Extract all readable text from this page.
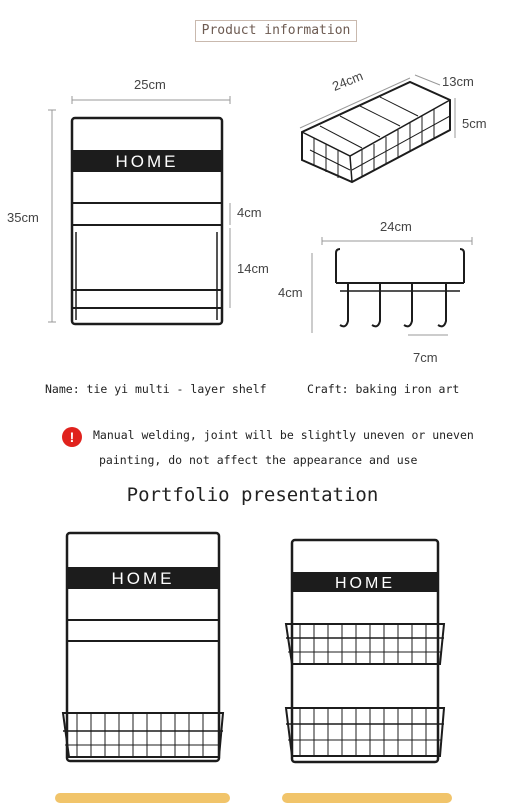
Product information
HOME
25cm
35cm	4cm
14cm
24cm	13cm
5cm
24cm
4cm
7cm
Name: tie yi multi - layer shelf	Craft: baking iron art
!	Manual welding, joint will be slightly uneven or uneven
painting, do not affect the appearance and use
Portfolio presentation
HOME	HOME
